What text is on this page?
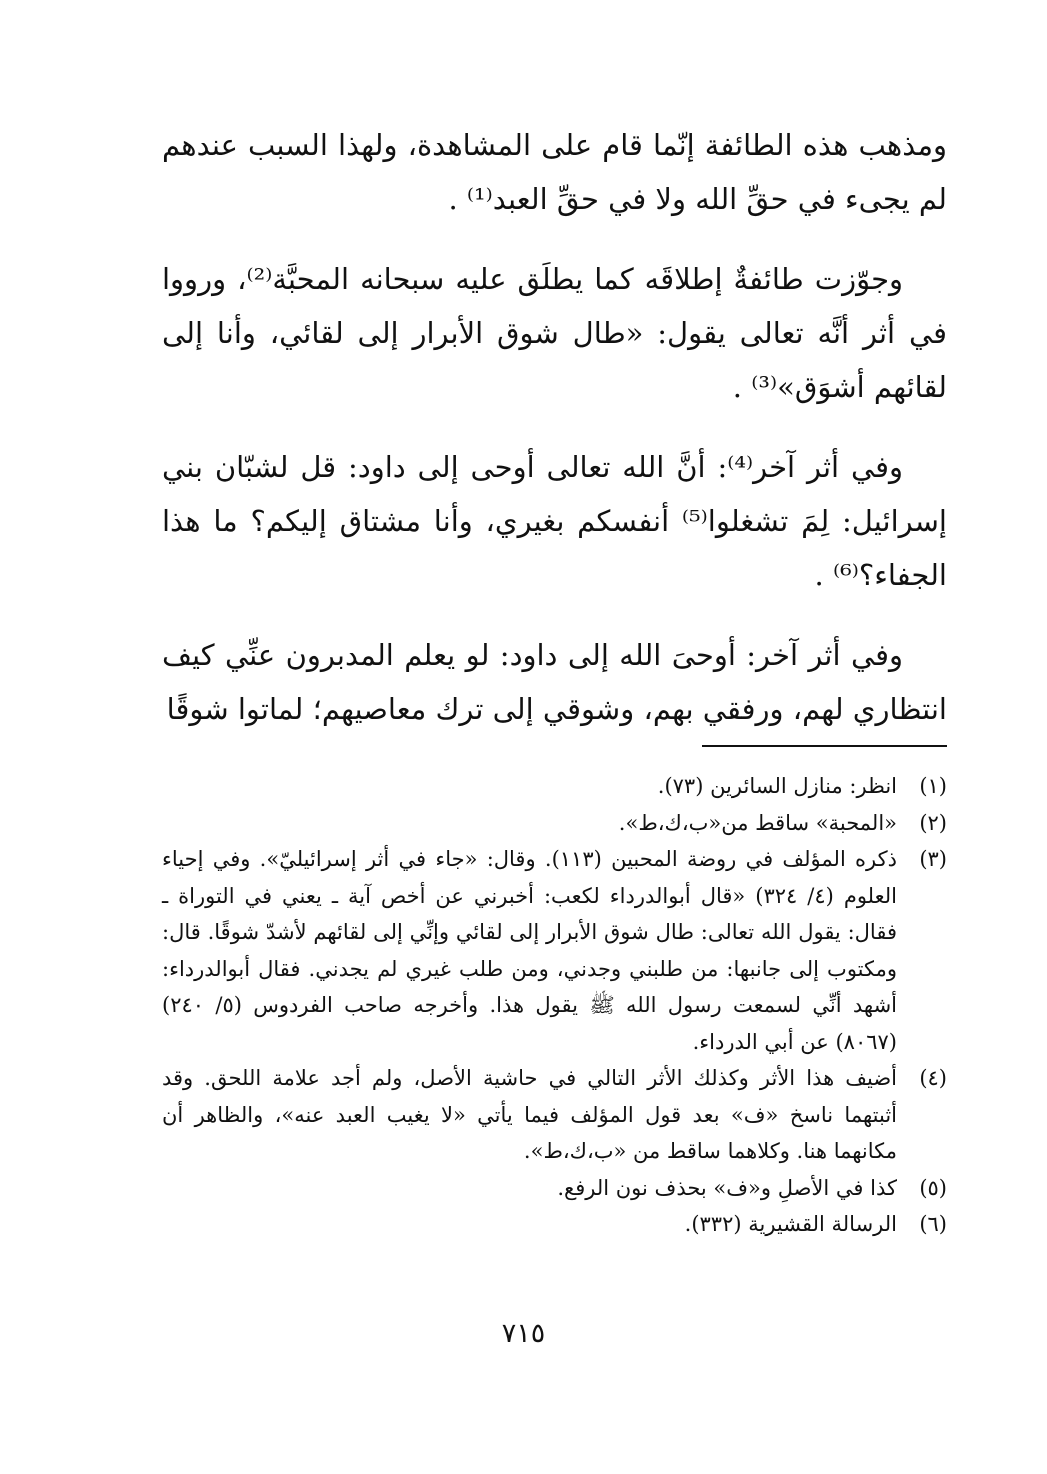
ومذهب هذه الطائفة إنّما قام على المشاهدة، ولهذا السبب عندهم لم يجىء في حقِّ الله ولا في حقِّ العبد⁽¹⁾ .

وجوّزت طائفةٌ إطلاقَه كما يطلَق عليه سبحانه المحبَّة⁽²⁾، ورووا في أثر أنَّه تعالى يقول: «طال شوق الأبرار إلى لقائي، وأنا إلى لقائهم أشوَق»⁽³⁾ .

وفي أثر آخر⁽⁴⁾: أنَّ الله تعالى أوحى إلى داود: قل لشبّان بني إسرائيل: لِمَ تشغلوا⁽⁵⁾ أنفسكم بغيري، وأنا مشتاق إليكم؟ ما هذا الجفاء؟⁽⁶⁾ .

وفي أثر آخر: أوحىَ الله إلى داود: لو يعلم المدبرون عنِّي كيف انتظاري لهم، ورفقي بهم، وشوقي إلى ترك معاصيهم؛ لماتوا شوقًا

(١)
انظر: منازل السائرين (٧٣).
(٢)
«المحبة» ساقط من«ب،ك،ط».
(٣)
ذكره المؤلف في روضة المحبين (١١٣). وقال: «جاء في أثر إسرائيليّ». وفي إحياء العلوم (٤/ ٣٢٤) «قال أبوالدرداء لكعب: أخبرني عن أخص آية ـ يعني في التوراة ـ فقال: يقول الله تعالى: طال شوق الأبرار إلى لقائي وإنِّي إلى لقائهم لأشدّ شوقًا. قال: ومكتوب إلى جانبها: من طلبني وجدني، ومن طلب غيري لم يجدني. فقال أبوالدرداء: أشهد أنِّي لسمعت رسول الله ﷺ يقول هذا. وأخرجه صاحب الفردوس (٥/ ٢٤٠) (٨٠٦٧) عن أبي الدرداء.
(٤)
أضيف هذا الأثر وكذلك الأثر التالي في حاشية الأصل، ولم أجد علامة اللحق. وقد أثبتهما ناسخ «ف» بعد قول المؤلف فيما يأتي «لا يغيب العبد عنه»، والظاهر أن مكانهما هنا. وكلاهما ساقط من «ب،ك،ط».
(٥)
كذا في الأصلِ و«ف» بحذف نون الرفع.
(٦)
الرسالة القشيرية (٣٣٢).
٧١٥
